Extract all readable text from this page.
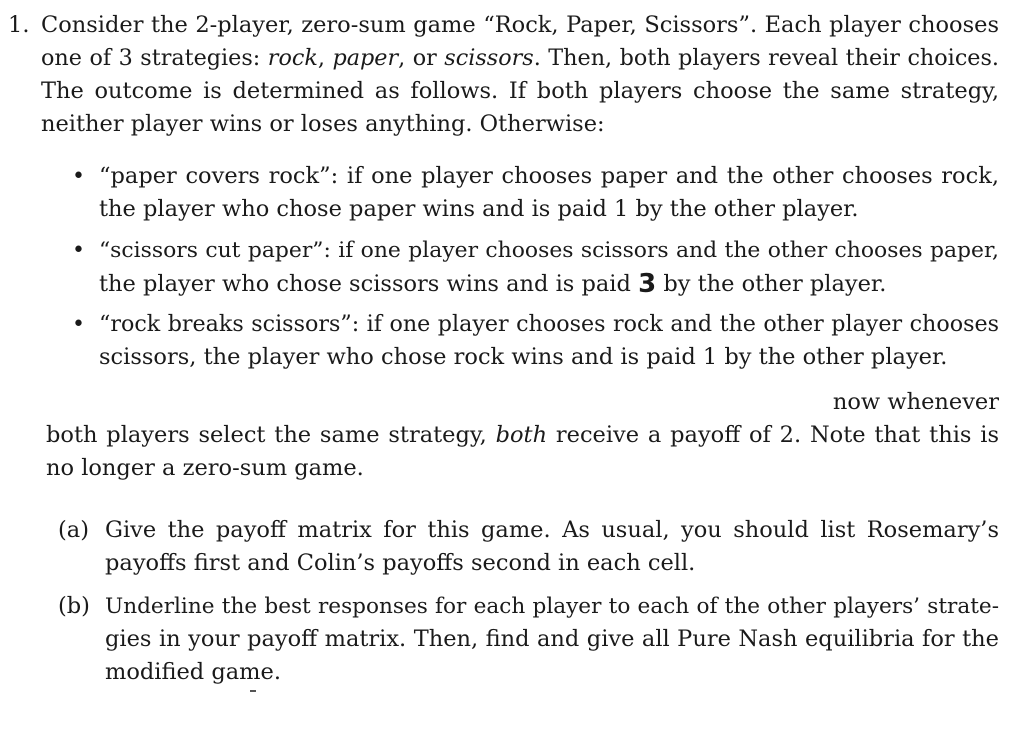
1. Consider the 2-player, zero-sum game “Rock, Paper, Scissors”. Each player chooses
one of 3 strategies: rock, paper, or scissors. Then, both players reveal their choices.
The outcome is determined as follows. If both players choose the same strategy,
neither player wins or loses anything. Otherwise:
• “paper covers rock”: if one player chooses paper and the other chooses rock,
the player who chose paper wins and is paid 1 by the other player.
• “scissors cut paper”: if one player chooses scissors and the other chooses paper,
the player who chose scissors wins and is paid 3 by the other player.
• “rock breaks scissors”: if one player chooses rock and the other player chooses
scissors, the player who chose rock wins and is paid 1 by the other player.
now whenever
both players select the same strategy, both receive a payoff of 2. Note that this is
no longer a zero-sum game.
(a) Give the payoff matrix for this game. As usual, you should list Rosemary’s
payoffs first and Colin’s payoffs second in each cell.
(b) Underline the best responses for each player to each of the other players’ strate-
gies in your payoff matrix. Then, find and give all Pure Nash equilibria for the
modified game.
